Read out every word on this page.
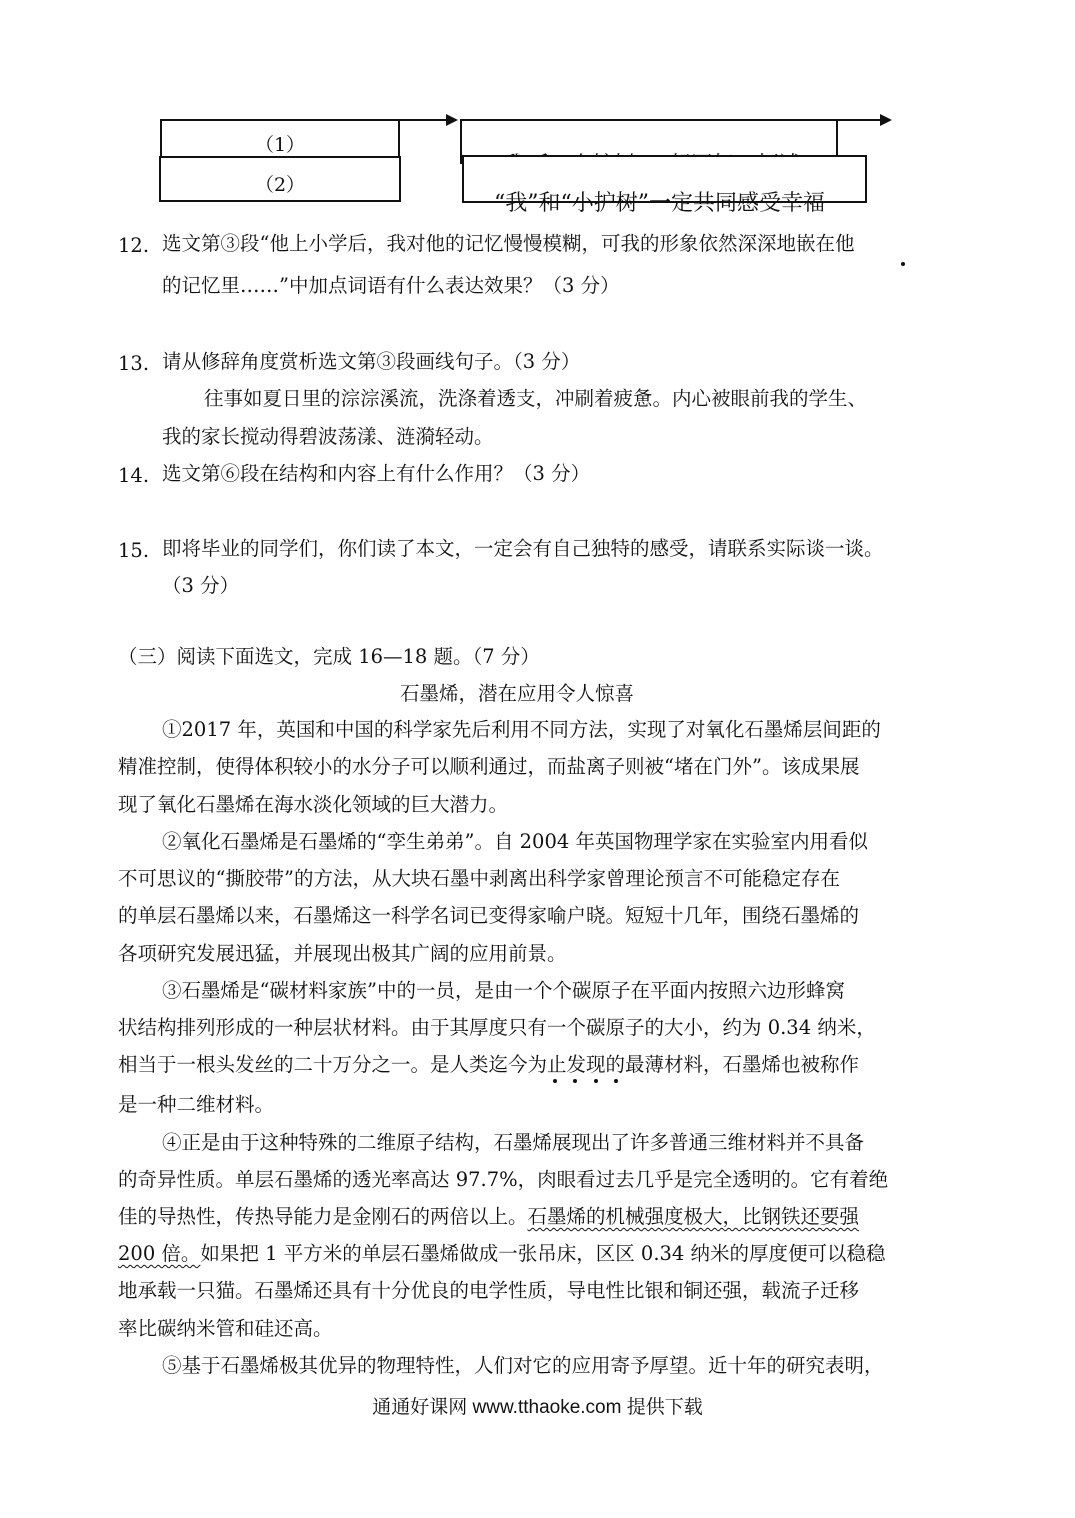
（1）
（2）
“我”和“小护树”一定共同感受幸福
12. 选文第③段“他上小学后，我对他的记忆慢慢模糊，可我的形象依然深深地嵌在他
的记忆里……”中加点词语有什么表达效果？（3 分）
13. 请从修辞角度赏析选文第③段画线句子。（3 分）
往事如夏日里的淙淙溪流，洗涤着透支，冲刷着疲惫。内心被眼前我的学生、
我的家长搅动得碧波荡漾、涟漪轻动。
14. 选文第⑥段在结构和内容上有什么作用？（3 分）
15. 即将毕业的同学们，你们读了本文，一定会有自己独特的感受，请联系实际谈一谈。
（3 分）
（三）阅读下面选文，完成 16—18 题。（7 分）
石墨烯，潜在应用令人惊喜
①2017 年，英国和中国的科学家先后利用不同方法，实现了对氧化石墨烯层间距的
精准控制，使得体积较小的水分子可以顺利通过，而盐离子则被“堵在门外”。该成果展
现了氧化石墨烯在海水淡化领域的巨大潜力。
②氧化石墨烯是石墨烯的“孪生弟弟”。自 2004 年英国物理学家在实验室内用看似
不可思议的“撕胶带”的方法，从大块石墨中剥离出科学家曾理论预言不可能稳定存在
的单层石墨烯以来，石墨烯这一科学名词已变得家喻户晓。短短十几年，围绕石墨烯的
各项研究发展迅猛，并展现出极其广阔的应用前景。
③石墨烯是“碳材料家族”中的一员，是由一个个碳原子在平面内按照六边形蜂窝
状结构排列形成的一种层状材料。由于其厚度只有一个碳原子的大小，约为 0.34 纳米，
相当于一根头发丝的二十万分之一。是人类迄今为止发现的最薄材料，石墨烯也被称作
是一种二维材料。
④正是由于这种特殊的二维原子结构，石墨烯展现出了许多普通三维材料并不具备
的奇异性质。单层石墨烯的透光率高达 97.7%，肉眼看过去几乎是完全透明的。它有着绝
佳的导热性，传热导能力是金刚石的两倍以上。石墨烯的机械强度极大，比钢铁还要强
200 倍。如果把 1 平方米的单层石墨烯做成一张吊床，区区 0.34 纳米的厚度便可以稳稳
地承载一只猫。石墨烯还具有十分优良的电学性质，导电性比银和铜还强，载流子迁移
率比碳纳米管和硅还高。
⑤基于石墨烯极其优异的物理特性，人们对它的应用寄予厚望。近十年的研究表明，
通通好课网 www.tthaoke.com 提供下载
